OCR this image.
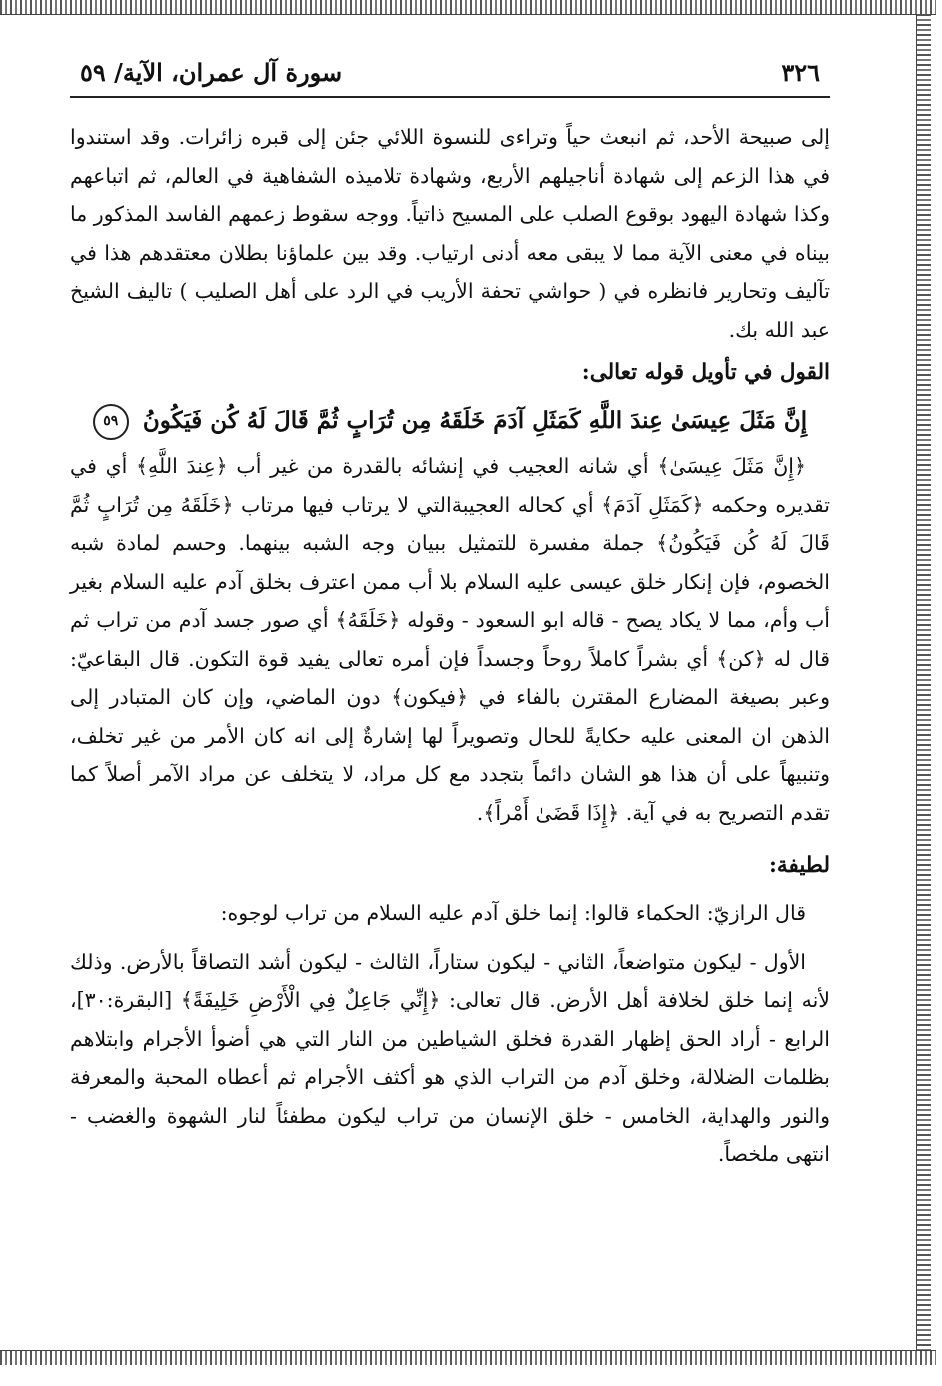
٣٢٦
سورة آل عمران، الآية/ ٥٩

إلى صبيحة الأحد، ثم انبعث حياً وتراءى للنسوة اللائي جئن إلى قبره زائرات. وقد استندوا في هذا الزعم إلى شهادة أناجيلهم الأربع، وشهادة تلاميذه الشفاهية في العالم، ثم اتباعهم وكذا شهادة اليهود بوقوع الصلب على المسيح ذاتياً. ووجه سقوط زعمهم الفاسد المذكور ما بيناه في معنى الآية مما لا يبقى معه أدنى ارتياب. وقد بين علماؤنا بطلان معتقدهم هذا في تآليف وتحارير فانظره في ( حواشي تحفة الأريب في الرد على أهل الصليب ) تاليف الشيخ عبد الله بك.

القول في تأويل قوله تعالى:

إِنَّ مَثَلَ عِيسَىٰ عِندَ اللَّهِ كَمَثَلِ آدَمَ خَلَقَهُ مِن تُرَابٍ ثُمَّ قَالَ لَهُ كُن فَيَكُونُ ٥٩

﴿إِنَّ مَثَلَ عِيسَىٰ﴾ أي شانه العجيب في إنشائه بالقدرة من غير أب ﴿عِندَ اللَّهِ﴾ أي في تقديره وحكمه ﴿كَمَثَلِ آدَمَ﴾ أي كحاله العجيبةالتي لا يرتاب فيها مرتاب ﴿خَلَقَهُ مِن تُرَابٍ ثُمَّ قَالَ لَهُ كُن فَيَكُونُ﴾ جملة مفسرة للتمثيل ببيان وجه الشبه بينهما. وحسم لمادة شبه الخصوم، فإن إنكار خلق عيسى عليه السلام بلا أب ممن اعترف بخلق آدم عليه السلام بغير أب وأم، مما لا يكاد يصح - قاله ابو السعود - وقوله ﴿خَلَقَهُ﴾ أي صور جسد آدم من تراب ثم قال له ﴿كن﴾ أي بشراً كاملاً روحاً وجسداً فإن أمره تعالى يفيد قوة التكون. قال البقاعيّ: وعبر بصيغة المضارع المقترن بالفاء في ﴿فيكون﴾ دون الماضي، وإن كان المتبادر إلى الذهن ان المعنى عليه حكايةً للحال وتصويراً لها إشارةٌ إلى انه كان الأمر من غير تخلف، وتنبيهاً على أن هذا هو الشان دائماً بتجدد مع كل مراد، لا يتخلف عن مراد الآمر أصلاً كما تقدم التصريح به في آية. ﴿إِذَا قَضَىٰ أَمْراً﴾.

لطيفة:

قال الرازيّ: الحكماء قالوا: إنما خلق آدم عليه السلام من تراب لوجوه:

الأول - ليكون متواضعاً، الثاني - ليكون ستاراً، الثالث - ليكون أشد التصاقاً بالأرض. وذلك لأنه إنما خلق لخلافة أهل الأرض. قال تعالى: ﴿إِنِّي جَاعِلٌ فِي الْأَرْضِ خَلِيفَةً﴾ [البقرة:٣٠]، الرابع - أراد الحق إظهار القدرة فخلق الشياطين من النار التي هي أضوأ الأجرام وابتلاهم بظلمات الضلالة، وخلق آدم من التراب الذي هو أكثف الأجرام ثم أعطاه المحبة والمعرفة والنور والهداية، الخامس - خلق الإنسان من تراب ليكون مطفئاً لنار الشهوة والغضب - انتهى ملخصاً.
